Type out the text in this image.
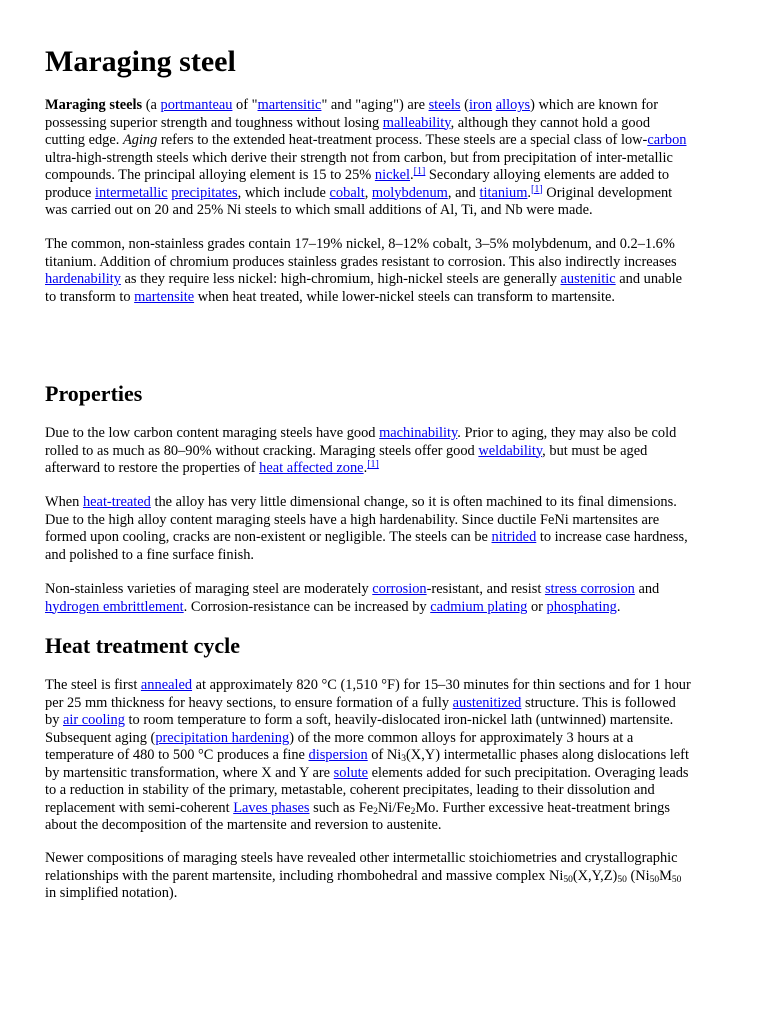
Maraging steel
Maraging steels (a portmanteau of "martensitic" and "aging") are steels (iron alloys) which are known for
possessing superior strength and toughness without losing malleability, although they cannot hold a good
cutting edge. Aging refers to the extended heat-treatment process. These steels are a special class of low-carbon
ultra-high-strength steels which derive their strength not from carbon, but from precipitation of inter-metallic
compounds. The principal alloying element is 15 to 25% nickel.[1] Secondary alloying elements are added to
produce intermetallic precipitates, which include cobalt, molybdenum, and titanium.[1] Original development
was carried out on 20 and 25% Ni steels to which small additions of Al, Ti, and Nb were made.
The common, non-stainless grades contain 17–19% nickel, 8–12% cobalt, 3–5% molybdenum, and 0.2–1.6%
titanium. Addition of chromium produces stainless grades resistant to corrosion. This also indirectly increases
hardenability as they require less nickel: high-chromium, high-nickel steels are generally austenitic and unable
to transform to martensite when heat treated, while lower-nickel steels can transform to martensite.
Properties
Due to the low carbon content maraging steels have good machinability. Prior to aging, they may also be cold
rolled to as much as 80–90% without cracking. Maraging steels offer good weldability, but must be aged
afterward to restore the properties of heat affected zone.[1]
When heat-treated the alloy has very little dimensional change, so it is often machined to its final dimensions.
Due to the high alloy content maraging steels have a high hardenability. Since ductile FeNi martensites are
formed upon cooling, cracks are non-existent or negligible. The steels can be nitrided to increase case hardness,
and polished to a fine surface finish.
Non-stainless varieties of maraging steel are moderately corrosion-resistant, and resist stress corrosion and
hydrogen embrittlement. Corrosion-resistance can be increased by cadmium plating or phosphating.
Heat treatment cycle
The steel is first annealed at approximately 820 °C (1,510 °F) for 15–30 minutes for thin sections and for 1 hour
per 25 mm thickness for heavy sections, to ensure formation of a fully austenitized structure. This is followed
by air cooling to room temperature to form a soft, heavily-dislocated iron-nickel lath (untwinned) martensite.
Subsequent aging (precipitation hardening) of the more common alloys for approximately 3 hours at a
temperature of 480 to 500 °C produces a fine dispersion of $Ni_3(X,Y)$ intermetallic phases along dislocations left
by martensitic transformation, where X and Y are solute elements added for such precipitation. Overaging leads
to a reduction in stability of the primary, metastable, coherent precipitates, leading to their dissolution and
replacement with semi-coherent Laves phases such as $Fe_2Ni/Fe_2Mo$. Further excessive heat-treatment brings
about the decomposition of the martensite and reversion to austenite.
Newer compositions of maraging steels have revealed other intermetallic stoichiometries and crystallographic
relationships with the parent martensite, including rhombohedral and massive complex $Ni_{50}(X,Y,Z)_{50}$ ($Ni_{50}M_{50}$
in simplified notation).
